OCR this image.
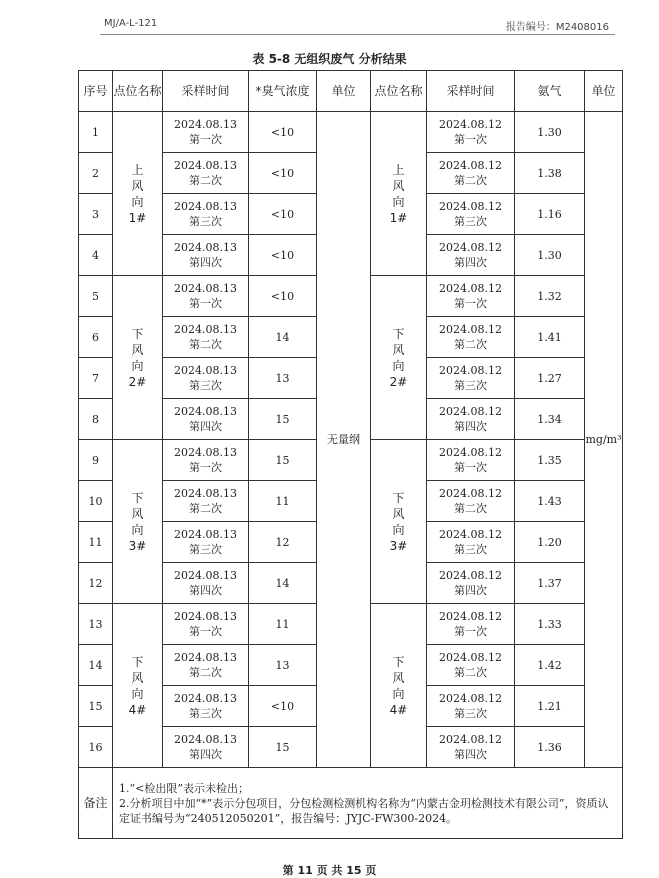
MJ/A-L-121	报告编号：M2408016
表 5-8 无组织废气 分析结果
序号	点位名称	采样时间	*臭气浓度	单位	点位名称	采样时间	氨气	单位
1	上
风
向
1#	2024.08.13
第一次	<10	无量纲	上
风
向
1#	2024.08.12
第一次	1.30	mg/m³
2		2024.08.13
第二次	<10			2024.08.12
第二次	1.38	
3		2024.08.13
第三次	<10			2024.08.12
第三次	1.16	
4		2024.08.13
第四次	<10			2024.08.12
第四次	1.30	
5	下
风
向
2#	2024.08.13
第一次	<10		下
风
向
2#	2024.08.12
第一次	1.32	
6		2024.08.13
第二次	14			2024.08.12
第二次	1.41	
7		2024.08.13
第三次	13			2024.08.12
第三次	1.27	
8		2024.08.13
第四次	15			2024.08.12
第四次	1.34	
9	下
风
向
3#	2024.08.13
第一次	15		下
风
向
3#	2024.08.12
第一次	1.35	
10		2024.08.13
第二次	11			2024.08.12
第二次	1.43	
11		2024.08.13
第三次	12			2024.08.12
第三次	1.20	
12		2024.08.13
第四次	14			2024.08.12
第四次	1.37	
13	下
风
向
4#	2024.08.13
第一次	11		下
风
向
4#	2024.08.12
第一次	1.33	
14		2024.08.13
第二次	13			2024.08.12
第二次	1.42	
15		2024.08.13
第三次	<10			2024.08.12
第三次	1.21	
16		2024.08.13
第四次	15			2024.08.12
第四次	1.36	
备注	1.“<检出限”表示未检出；
2.分析项目中加“*”表示分包项目，分包检测检测机构名称为“内蒙古金玥检测技术有限公司”，资质认定证书编号为“240512050201”，报告编号：JYJC-FW300-2024。							
第 11 页 共 15 页
